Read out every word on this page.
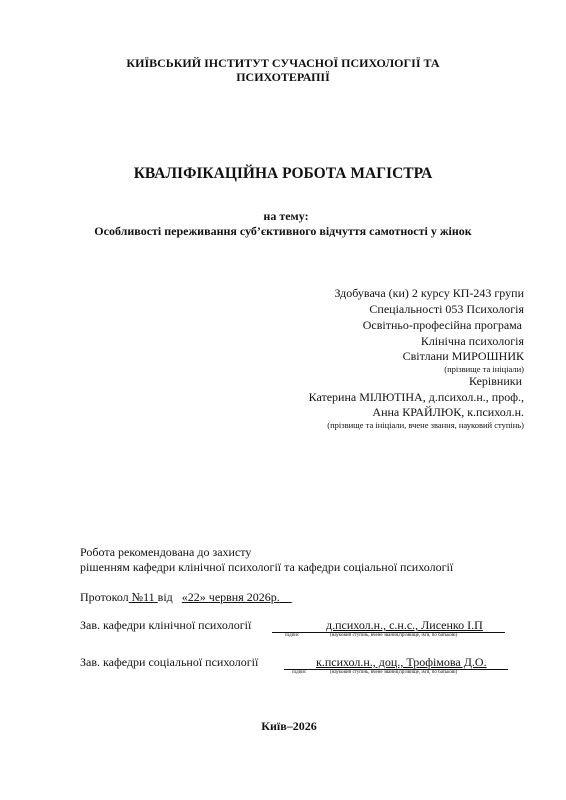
КИЇВСЬКИЙ ІНСТИТУТ СУЧАСНОЇ ПСИХОЛОГІЇ ТА
ПСИХОТЕРАПІЇ
КВАЛІФІКАЦІЙНА РОБОТА МАГІСТРА
на тему:
Особливості переживання суб’єктивного відчуття самотності у жінок
Здобувача (ки) 2 курсу КП-243 групи
Спеціальності 053 Психологія
Освітньо-професійна програма
Клінічна психологія
Світлани МИРОШНИК
(прізвище та ініціали)
Керівники
Катерина МІЛЮТІНА, д.психол.н., проф.,
Анна КРАЙЛЮК, к.психол.н.
(прізвище та ініціали, вчене звання, науковий ступінь)
Робота рекомендована до захисту
рішенням кафедри клінічної психології та кафедри соціальної психології
Протокол №11 від «22» червня 2026р.
Зав. кафедри клінічної психології	д.психол.н., с.н.с., Лисенко І.П
підпис	(науковий ступінь, вчене звання,прізвище, ім'я, по батькові)
Зав. кафедри соціальної психології	к.психол.н., доц., Трофімова Д.О.
підпис	(науковий ступінь, вчене звання,прізвище, ім'я, по батькові)
Київ–2026
